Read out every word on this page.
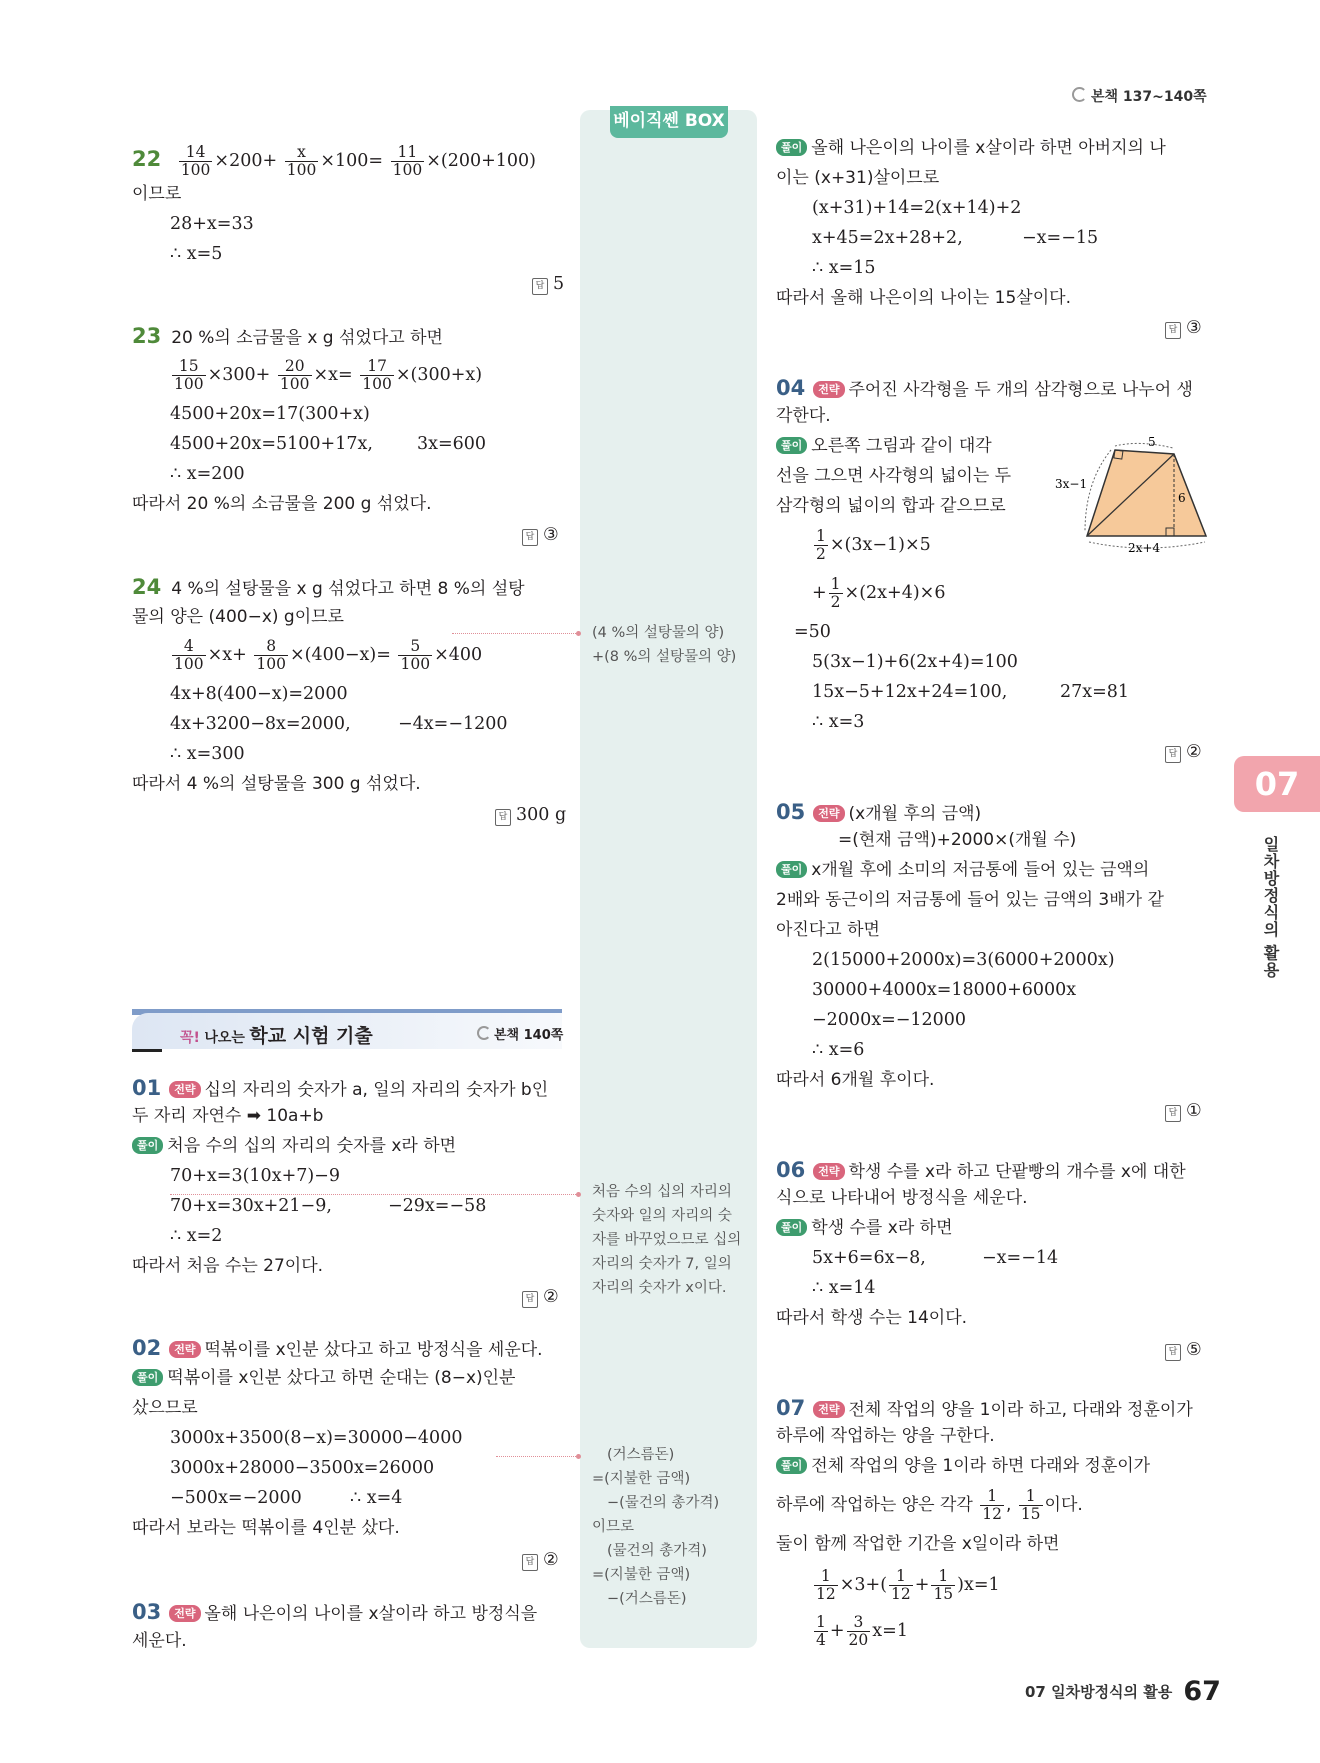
본책 137~140쪽
베이직쎈 BOX
$22 \frac{14}{100} \times 200+ \frac{x}{100} \times 100= \frac{11}{100} \times(200+100)$
이므로
28+x=33
∴ x=5
답 5
23 20 %의 소금물을 x g 섞었다고 하면
$\frac{15}{100} \times 300+ \frac{20}{100} \times x= \frac{17}{100} \times(300+x)$
4500+20x=17(300+x)
4500+20x=5100+17x,	3x=600
∴ x=200
따라서 20 %의 소금물을 200 g 섞었다.
답 ③
24 4 %의 설탕물을 x g 섞었다고 하면 8 %의 설탕
물의 양은 (400−x) g이므로
$\frac{4}{100} \times x+ \frac{8}{100} \times(400-x)= \frac{5}{100} \times 400$
4x+8(400−x)=2000
4x+3200−8x=2000,	−4x=−1200
∴ x=300
따라서 4 %의 설탕물을 300 g 섞었다.
답 300 g
(4 %의 설탕물의 양)
+(8 %의 설탕물의 양)
꼭! 나오는 학교 시험 기출	본책 140쪽
01 전략 십의 자리의 숫자가 a, 일의 자리의 숫자가 b인
두 자리 자연수 ➡ 10a+b
풀이 처음 수의 십의 자리의 숫자를 x라 하면
70+x=3(10x+7)−9
70+x=30x+21−9,	−29x=−58
∴ x=2
따라서 처음 수는 27이다.
답 ②
처음 수의 십의 자리의
숫자와 일의 자리의 숫
자를 바꾸었으므로 십의
자리의 숫자가 7, 일의
자리의 숫자가 x이다.
02 전략 떡볶이를 x인분 샀다고 하고 방정식을 세운다.
풀이 떡볶이를 x인분 샀다고 하면 순대는 (8−x)인분
샀으므로
3000x+3500(8−x)=30000−4000
3000x+28000−3500x=26000
−500x=−2000	∴ x=4
따라서 보라는 떡볶이를 4인분 샀다.
답 ②
(거스름돈)
=(지불한 금액)
−(물건의 총가격)
이므로
(물건의 총가격)
=(지불한 금액)
−(거스름돈)
03 전략 올해 나은이의 나이를 x살이라 하고 방정식을
세운다.
풀이 올해 나은이의 나이를 x살이라 하면 아버지의 나
이는 (x+31)살이므로
(x+31)+14=2(x+14)+2
x+45=2x+28+2,	−x=−15
∴ x=15
따라서 올해 나은이의 나이는 15살이다.
답 ③
04 전략 주어진 사각형을 두 개의 삼각형으로 나누어 생
각한다.
풀이 오른쪽 그림과 같이 대각
선을 그으면 사각형의 넓이는 두
삼각형의 넓이의 합과 같으므로
5
3x−1
6
2x+4
$\frac{1}{2} \times(3x-1)\times 5$
+ $\frac{1}{2} \times(2x+4)\times 6$
=50
5(3x−1)+6(2x+4)=100
15x−5+12x+24=100,	27x=81
∴ x=3
답 ②
05 전략 (x개월 후의 금액)
=(현재 금액)+2000×(개월 수)
풀이 x개월 후에 소미의 저금통에 들어 있는 금액의
2배와 동근이의 저금통에 들어 있는 금액의 3배가 같
아진다고 하면
2(15000+2000x)=3(6000+2000x)
30000+4000x=18000+6000x
−2000x=−12000
∴ x=6
따라서 6개월 후이다.
답 ①
06 전략 학생 수를 x라 하고 단팥빵의 개수를 x에 대한
식으로 나타내어 방정식을 세운다.
풀이 학생 수를 x라 하면
5x+6=6x−8,	−x=−14
∴ x=14
따라서 학생 수는 14이다.
답 ⑤
07 전략 전체 작업의 양을 1이라 하고, 다래와 정훈이가
하루에 작업하는 양을 구한다.
풀이 전체 작업의 양을 1이라 하면 다래와 정훈이가
하루에 작업하는 양은 각각 $\frac{1}{12}$ , $\frac{1}{15}$ 이다.
둘이 함께 작업한 기간을 x일이라 하면
$\frac{1}{12} \times 3+( \frac{1}{12} + \frac{1}{15} )x=1$
$\frac{1}{4} + \frac{3}{20} x=1$
07
일차방정식의 활용
07 일차방정식의 활용 67
